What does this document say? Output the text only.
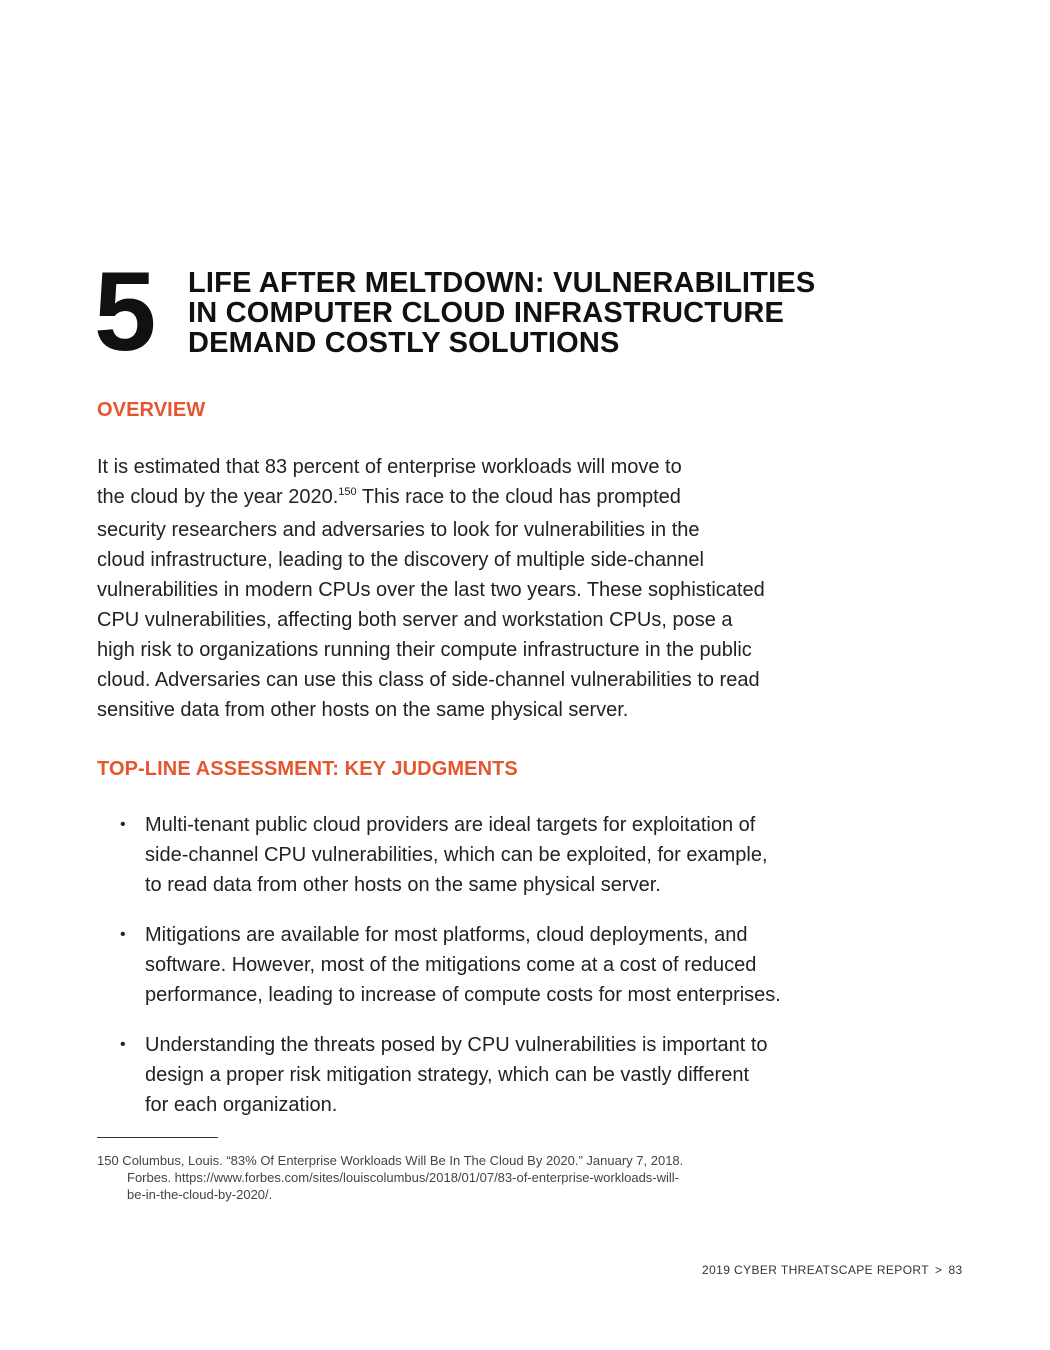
5 LIFE AFTER MELTDOWN: VULNERABILITIES
IN COMPUTER CLOUD INFRASTRUCTURE
DEMAND COSTLY SOLUTIONS
OVERVIEW
It is estimated that 83 percent of enterprise workloads will move to
the cloud by the year 2020.$^{150}$ This race to the cloud has prompted
security researchers and adversaries to look for vulnerabilities in the
cloud infrastructure, leading to the discovery of multiple side-channel
vulnerabilities in modern CPUs over the last two years. These sophisticated
CPU vulnerabilities, affecting both server and workstation CPUs, pose a
high risk to organizations running their compute infrastructure in the public
cloud. Adversaries can use this class of side-channel vulnerabilities to read
sensitive data from other hosts on the same physical server.
TOP-LINE ASSESSMENT: KEY JUDGMENTS
• Multi-tenant public cloud providers are ideal targets for exploitation of
side-channel CPU vulnerabilities, which can be exploited, for example,
to read data from other hosts on the same physical server.
• Mitigations are available for most platforms, cloud deployments, and
software. However, most of the mitigations come at a cost of reduced
performance, leading to increase of compute costs for most enterprises.
• Understanding the threats posed by CPU vulnerabilities is important to
design a proper risk mitigation strategy, which can be vastly different
for each organization.
150 Columbus, Louis. “83% Of Enterprise Workloads Will Be In The Cloud By 2020.” January 7, 2018.
Forbes. https://www.forbes.com/sites/louiscolumbus/2018/01/07/83-of-enterprise-workloads-will-
be-in-the-cloud-by-2020/.
2019 CYBER THREATSCAPE REPORT > 83
